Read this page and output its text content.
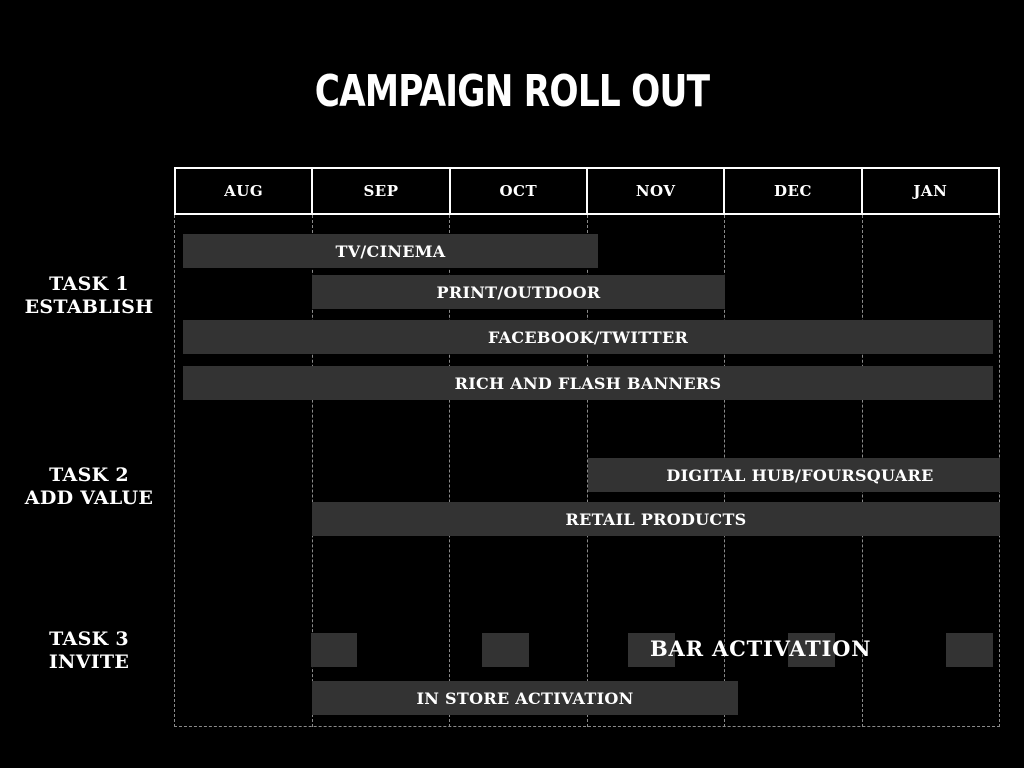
CAMPAIGN ROLL OUT
AUG	SEP	OCT	NOV	DEC	JAN
TASK 1
ESTABLISH
TASK 2
ADD VALUE
TASK 3
INVITE
TV/CINEMA
PRINT/OUTDOOR
FACEBOOK/TWITTER
RICH AND FLASH BANNERS
DIGITAL HUB/FOURSQUARE
RETAIL PRODUCTS
BAR ACTIVATION
IN STORE ACTIVATION
